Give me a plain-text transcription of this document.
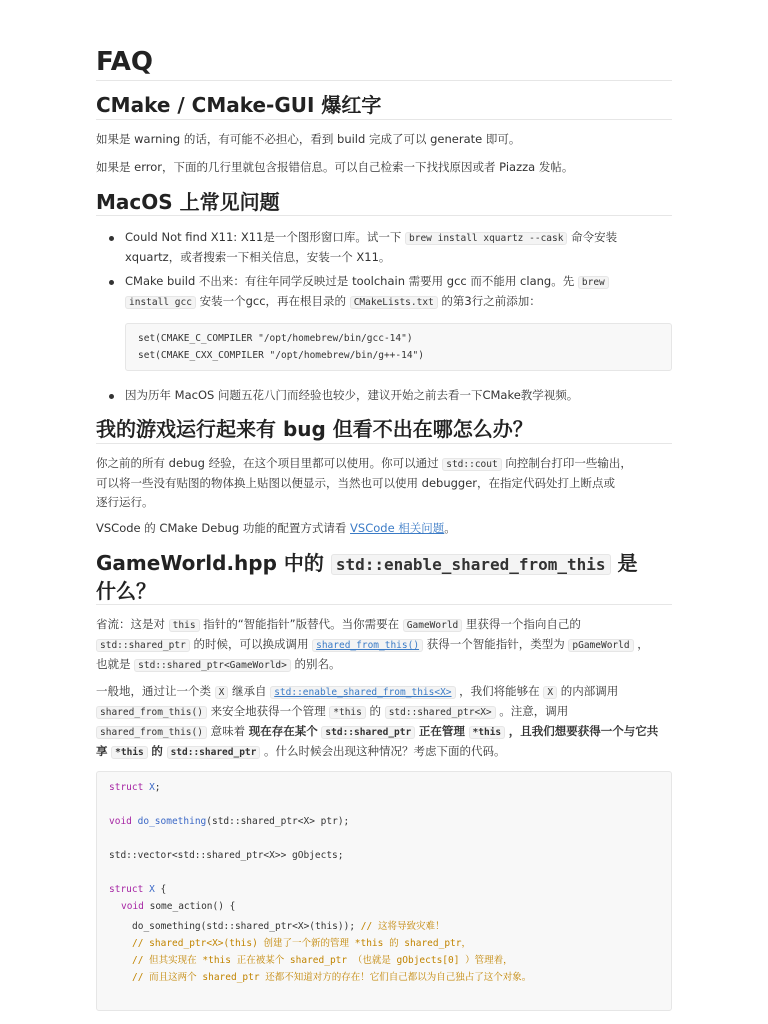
FAQ
CMake / CMake-GUI 爆红字

如果是 warning 的话，有可能不必担心，看到 build 完成了可以 generate 即可。

如果是 error，下面的几行里就包含报错信息。可以自己检索一下找找原因或者 Piazza 发帖。

MacOS 上常见问题
Could Not find X11: X11是一个图形窗口库。试一下 brew install xquartz --cask 命令安装
xquartz，或者搜索一下相关信息，安装一个 X11。
CMake build 不出来：有往年同学反映过是 toolchain 需要用 gcc 而不能用 clang。先 brew
install gcc 安装一个gcc，再在根目录的 CMakeLists.txt 的第3行之前添加：
set(CMAKE_C_COMPILER "/opt/homebrew/bin/gcc-14")
set(CMAKE_CXX_COMPILER "/opt/homebrew/bin/g++-14")
因为历年 MacOS 问题五花八门而经验也较少，建议开始之前去看一下CMake教学视频。
我的游戏运行起来有 bug 但看不出在哪怎么办？

你之前的所有 debug 经验，在这个项目里都可以使用。你可以通过 std::cout 向控制台打印一些输出，
可以将一些没有贴图的物体换上贴图以便显示，当然也可以使用 debugger，在指定代码处打上断点或
逐行运行。

VSCode 的 CMake Debug 功能的配置方式请看 VSCode 相关问题。

GameWorld.hpp 中的 std::enable_shared_from_this 是
什么？

省流：这是对 this 指针的“智能指针”版替代。当你需要在 GameWorld 里获得一个指向自己的
std::shared_ptr 的时候，可以换成调用 shared_from_this() 获得一个智能指针，类型为 pGameWorld ，
也就是 std::shared_ptr<GameWorld> 的别名。

一般地，通过让一个类 X 继承自 std::enable_shared_from_this<X> ，我们将能够在 X 的内部调用
shared_from_this() 来安全地获得一个管理 *this 的 std::shared_ptr<X> 。注意，调用
shared_from_this() 意味着 现在存在某个 std::shared_ptr 正在管理 *this ，且我们想要获得一个与它共
享 *this 的 std::shared_ptr 。什么时候会出现这种情况？考虑下面的代码。

struct X;
void do_something(std::shared_ptr<X> ptr);
std::vector<std::shared_ptr<X>> gObjects;
struct X {
void some_action() {
do_something(std::shared_ptr<X>(this)); // 这将导致灾难！
// shared_ptr<X>(this) 创建了一个新的管理 *this 的 shared_ptr，
// 但其实现在 *this 正在被某个 shared_ptr （也就是 gObjects[0] ）管理着，
// 而且这两个 shared_ptr 还都不知道对方的存在！它们自己都以为自己独占了这个对象。
